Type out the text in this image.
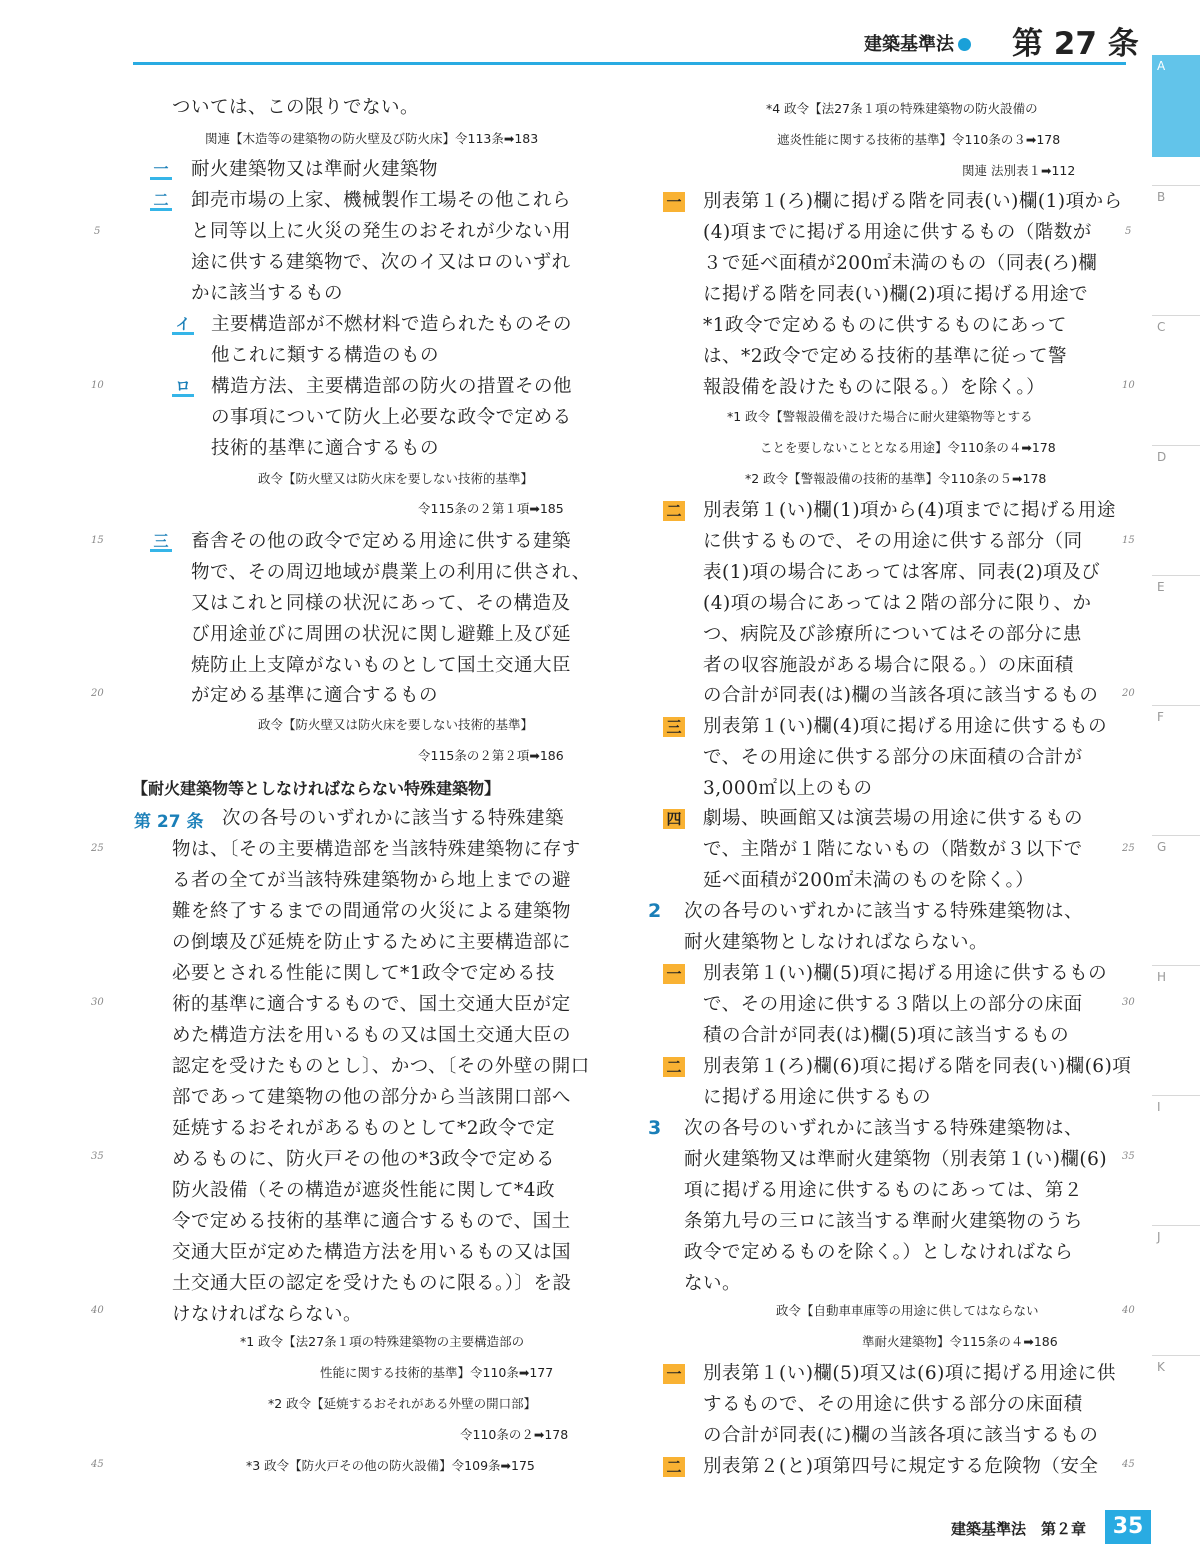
建築基準法	第 27 条
A
B
C
D
E
F
G
H
I
J
K
5
10
15
20
25
30
35
40
45
5
10
15
20
25
30
35
40
45
ついては、この限りでない。
関連【木造等の建築物の防火壁及び防火床】令113条➡183
一 耐火建築物又は準耐火建築物
二 卸売市場の上家、機械製作工場その他これら
と同等以上に火災の発生のおそれが少ない用
途に供する建築物で、次のイ又はロのいずれ
かに該当するもの
イ 主要構造部が不燃材料で造られたものその
他これに類する構造のもの
ロ 構造方法、主要構造部の防火の措置その他
の事項について防火上必要な政令で定める
技術的基準に適合するもの
政令【防火壁又は防火床を要しない技術的基準】
令115条の２第１項➡185
三 畜舎その他の政令で定める用途に供する建築
物で、その周辺地域が農業上の利用に供され、
又はこれと同様の状況にあって、その構造及
び用途並びに周囲の状況に関し避難上及び延
焼防止上支障がないものとして国土交通大臣
が定める基準に適合するもの
政令【防火壁又は防火床を要しない技術的基準】
令115条の２第２項➡186
【耐火建築物等としなければならない特殊建築物】
第 27 条 次の各号のいずれかに該当する特殊建築
物は、〔その主要構造部を当該特殊建築物に存す
る者の全てが当該特殊建築物から地上までの避
難を終了するまでの間通常の火災による建築物
の倒壊及び延焼を防止するために主要構造部に
必要とされる性能に関して*1政令で定める技
術的基準に適合するもので、国土交通大臣が定
めた構造方法を用いるもの又は国土交通大臣の
認定を受けたものとし〕、かつ、〔その外壁の開口
部であって建築物の他の部分から当該開口部へ
延焼するおそれがあるものとして*2政令で定
めるものに、防火戸その他の*3政令で定める
防火設備（その構造が遮炎性能に関して*4政
令で定める技術的基準に適合するもので、国土
交通大臣が定めた構造方法を用いるもの又は国
土交通大臣の認定を受けたものに限る。）〕を設
けなければならない。
*1 政令【法27条１項の特殊建築物の主要構造部の
性能に関する技術的基準】令110条➡177
*2 政令【延焼するおそれがある外壁の開口部】
令110条の２➡178
*3 政令【防火戸その他の防火設備】令109条➡175
*4 政令【法27条１項の特殊建築物の防火設備の
遮炎性能に関する技術的基準】令110条の３➡178
関連 法別表１➡112
一 別表第１(ろ)欄に掲げる階を同表(い)欄(1)項から
(4)項までに掲げる用途に供するもの（階数が
３で延べ面積が200㎡未満のもの（同表(ろ)欄
に掲げる階を同表(い)欄(2)項に掲げる用途で
*1政令で定めるものに供するものにあって
は、*2政令で定める技術的基準に従って警
報設備を設けたものに限る。）を除く。）
*1 政令【警報設備を設けた場合に耐火建築物等とする
ことを要しないこととなる用途】令110条の４➡178
*2 政令【警報設備の技術的基準】令110条の５➡178
二 別表第１(い)欄(1)項から(4)項までに掲げる用途
に供するもので、その用途に供する部分（同
表(1)項の場合にあっては客席、同表(2)項及び
(4)項の場合にあっては２階の部分に限り、か
つ、病院及び診療所についてはその部分に患
者の収容施設がある場合に限る。）の床面積
の合計が同表(は)欄の当該各項に該当するもの
三 別表第１(い)欄(4)項に掲げる用途に供するもの
で、その用途に供する部分の床面積の合計が
3,000㎡以上のもの
四 劇場、映画館又は演芸場の用途に供するもの
で、主階が１階にないもの（階数が３以下で
延べ面積が200㎡未満のものを除く。）
2 次の各号のいずれかに該当する特殊建築物は、
耐火建築物としなければならない。
一 別表第１(い)欄(5)項に掲げる用途に供するもの
で、その用途に供する３階以上の部分の床面
積の合計が同表(は)欄(5)項に該当するもの
二 別表第１(ろ)欄(6)項に掲げる階を同表(い)欄(6)項
に掲げる用途に供するもの
3 次の各号のいずれかに該当する特殊建築物は、
耐火建築物又は準耐火建築物（別表第１(い)欄(6)
項に掲げる用途に供するものにあっては、第２
条第九号の三ロに該当する準耐火建築物のうち
政令で定めるものを除く。）としなければなら
ない。
政令【自動車車庫等の用途に供してはならない
準耐火建築物】令115条の４➡186
一 別表第１(い)欄(5)項又は(6)項に掲げる用途に供
するもので、その用途に供する部分の床面積
の合計が同表(に)欄の当該各項に該当するもの
二 別表第２(と)項第四号に規定する危険物（安全
建築基準法　第２章	35
